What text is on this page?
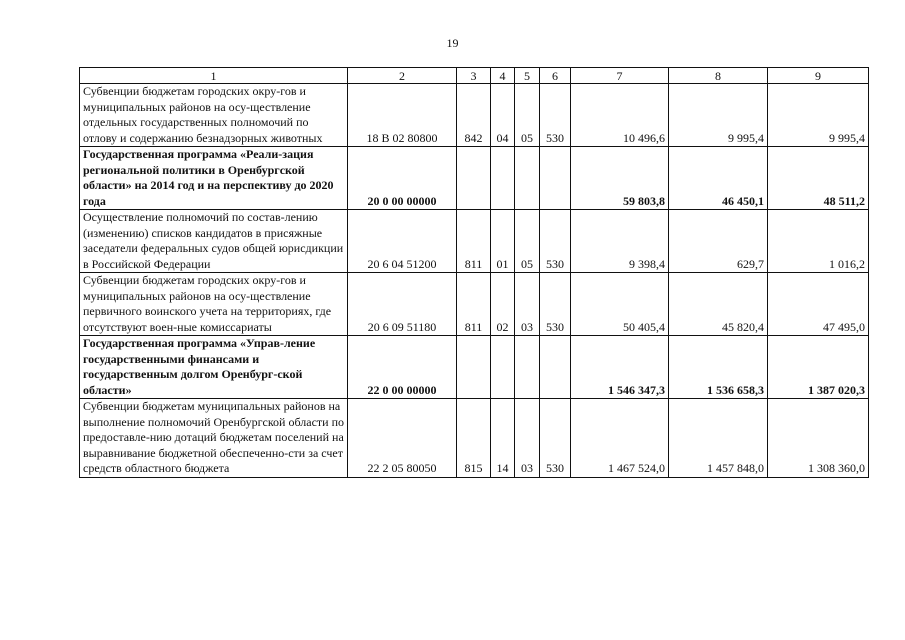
19
1	2	3	4	5	6	7	8	9
Субвенции бюджетам городских окру-гов и муниципальных районов на осу-ществление отдельных государственных полномочий по отлову и содержанию безнадзорных животных	18 В 02 80800	842	04	05	530	10 496,6	9 995,4	9 995,4
Государственная программа «Реали-зация региональной политики в Оренбургской области» на 2014 год и на перспективу до 2020 года	20 0 00 00000					59 803,8	46 450,1	48 511,2
Осуществление полномочий по состав-лению (изменению) списков кандидатов в присяжные заседатели федеральных судов общей юрисдикции в Российской Федерации	20 6 04 51200	811	01	05	530	9 398,4	629,7	1 016,2
Субвенции бюджетам городских окру-гов и муниципальных районов на осу-ществление первичного воинского учета на территориях, где отсутствуют воен-ные комиссариаты	20 6 09 51180	811	02	03	530	50 405,4	45 820,4	47 495,0
Государственная программа «Управ-ление государственными финансами и государственным долгом Оренбург-ской области»	22 0 00 00000					1 546 347,3	1 536 658,3	1 387 020,3
Субвенции бюджетам муниципальных районов на выполнение полномочий Оренбургской области по предоставле-нию дотаций бюджетам поселений на выравнивание бюджетной обеспеченно-сти за счет средств областного бюджета	22 2 05 80050	815	14	03	530	1 467 524,0	1 457 848,0	1 308 360,0
